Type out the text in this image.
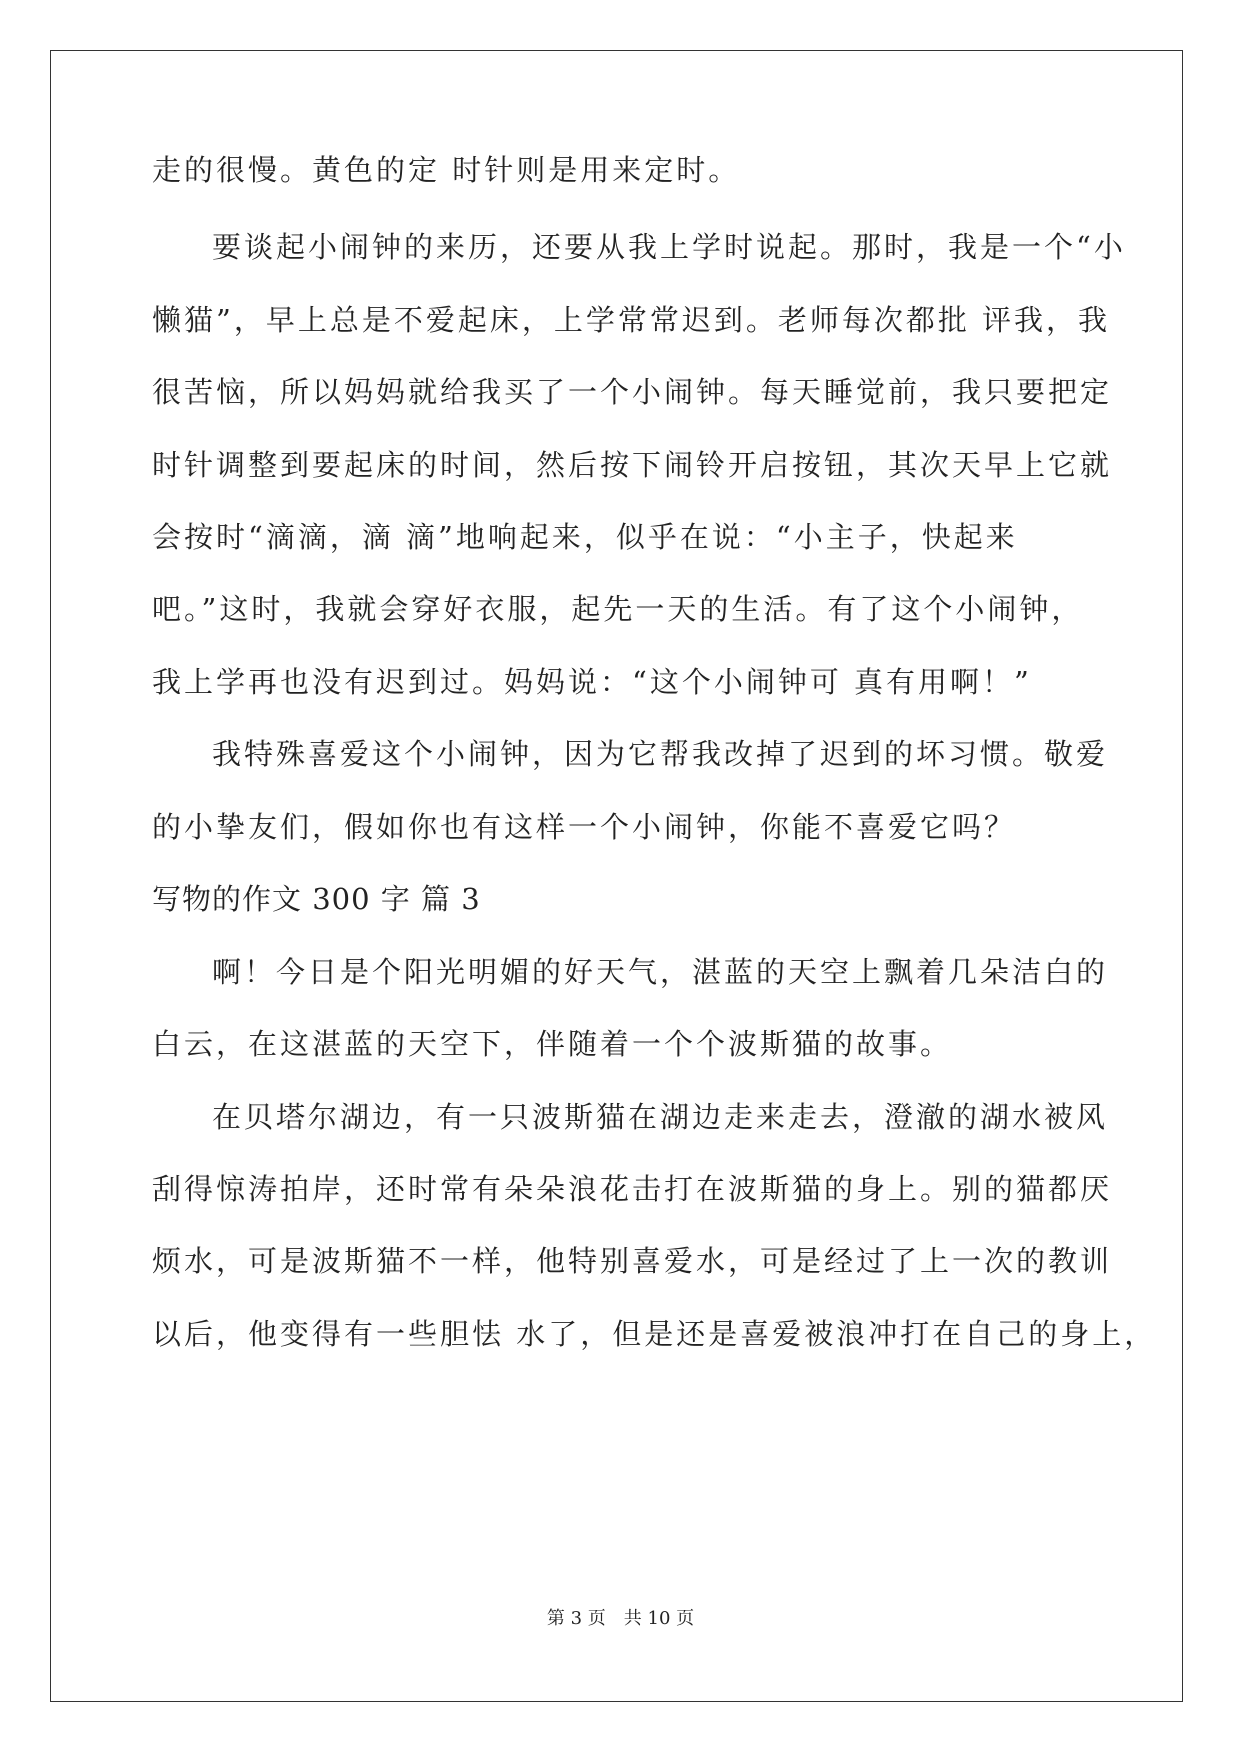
走的很慢。黄色的定 时针则是用来定时。

要谈起小闹钟的来历，还要从我上学时说起。那时，我是一个“小

懒猫”，早上总是不爱起床，上学常常迟到。老师每次都批 评我，我

很苦恼，所以妈妈就给我买了一个小闹钟。每天睡觉前，我只要把定

时针调整到要起床的时间，然后按下闹铃开启按钮，其次天早上它就

会按时“滴滴，滴 滴”地响起来，似乎在说：“小主子，快起来

吧。”这时，我就会穿好衣服，起先一天的生活。有了这个小闹钟，

我上学再也没有迟到过。妈妈说：“这个小闹钟可 真有用啊！”

我特殊喜爱这个小闹钟，因为它帮我改掉了迟到的坏习惯。敬爱

的小挚友们，假如你也有这样一个小闹钟，你能不喜爱它吗？

写物的作文 300 字 篇 3

啊！今日是个阳光明媚的好天气，湛蓝的天空上飘着几朵洁白的

白云，在这湛蓝的天空下，伴随着一个个波斯猫的故事。

在贝塔尔湖边，有一只波斯猫在湖边走来走去，澄澈的湖水被风

刮得惊涛拍岸，还时常有朵朵浪花击打在波斯猫的身上。别的猫都厌

烦水，可是波斯猫不一样，他特别喜爱水，可是经过了上一次的教训

以后，他变得有一些胆怯 水了，但是还是喜爱被浪冲打在自己的身上，

第 3 页　共 10 页
